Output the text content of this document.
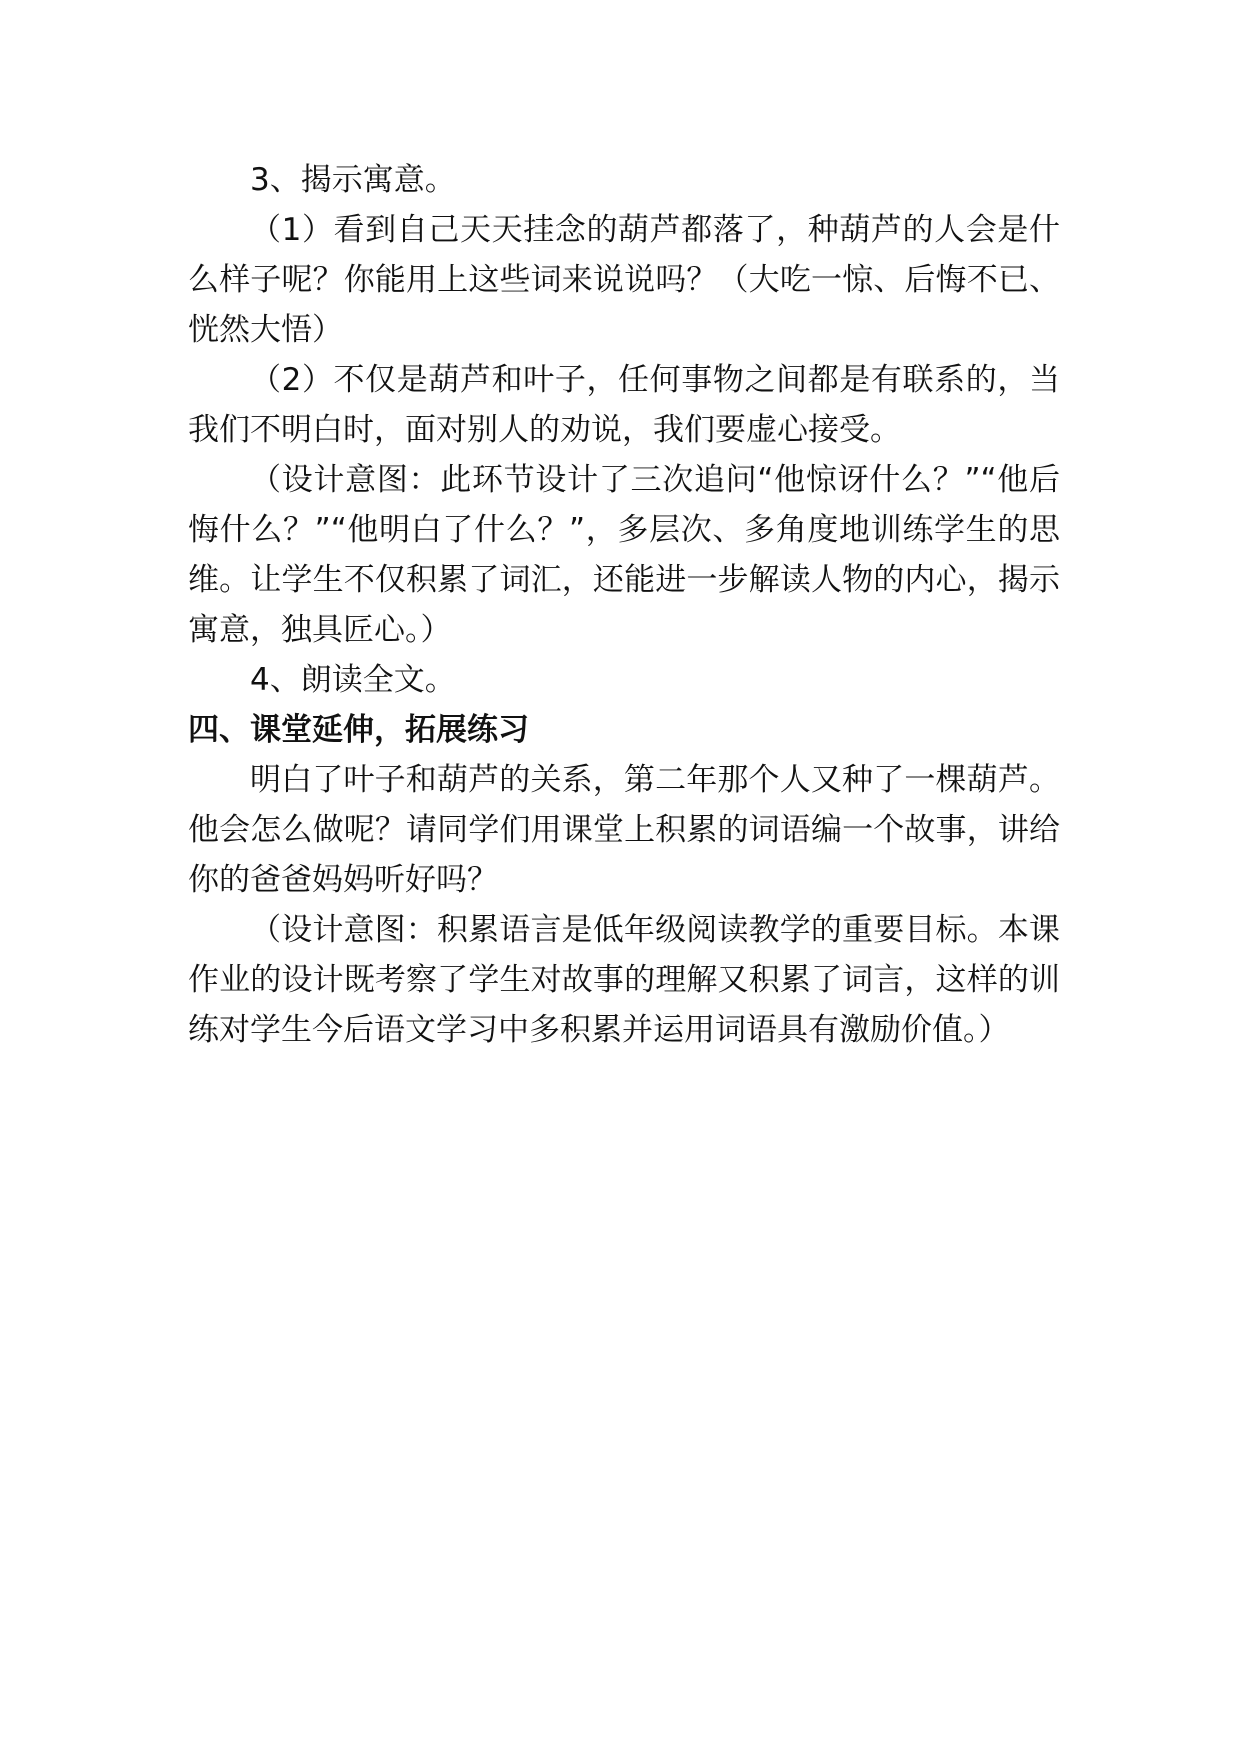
3、揭示寓意。

（1）看到自己天天挂念的葫芦都落了，种葫芦的人会是什么样子呢？你能用上这些词来说说吗？（大吃一惊、后悔不已、恍然大悟）

（2）不仅是葫芦和叶子，任何事物之间都是有联系的，当我们不明白时，面对别人的劝说，我们要虚心接受。

（设计意图：此环节设计了三次追问“他惊讶什么？”“他后悔什么？”“他明白了什么？”，多层次、多角度地训练学生的思维。让学生不仅积累了词汇，还能进一步解读人物的内心，揭示寓意，独具匠心。）

4、朗读全文。

四、课堂延伸，拓展练习

明白了叶子和葫芦的关系，第二年那个人又种了一棵葫芦。他会怎么做呢？请同学们用课堂上积累的词语编一个故事，讲给你的爸爸妈妈听好吗？

（设计意图：积累语言是低年级阅读教学的重要目标。本课作业的设计既考察了学生对故事的理解又积累了词言，这样的训练对学生今后语文学习中多积累并运用词语具有激励价值。）
